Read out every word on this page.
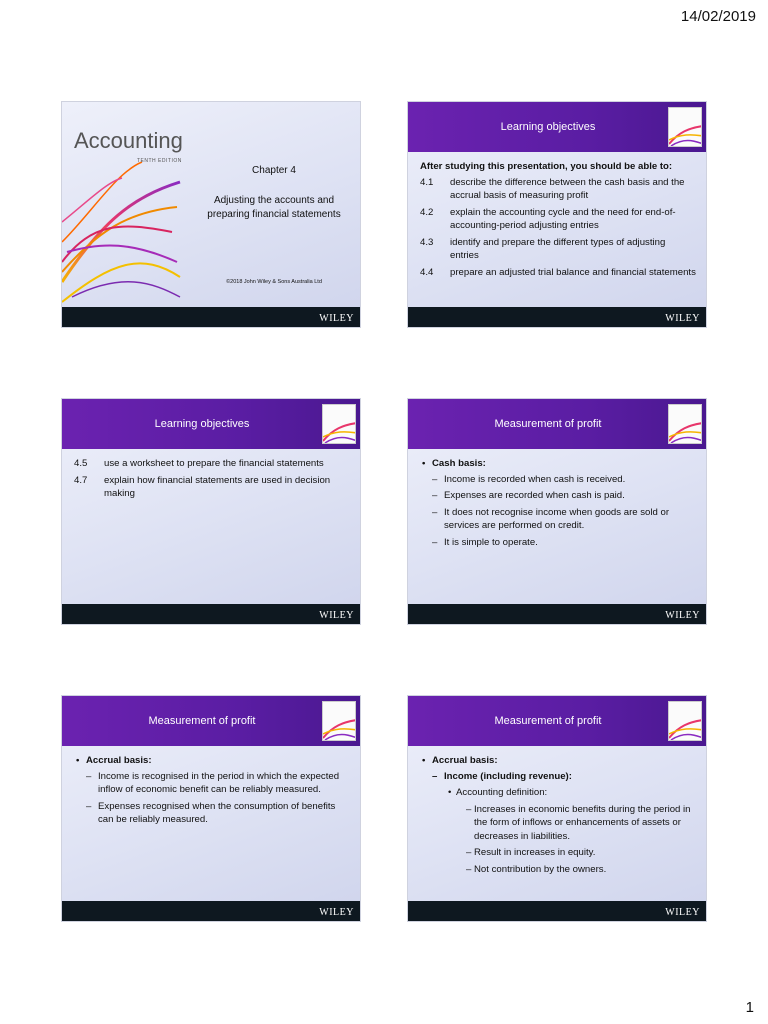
14/02/2019
Accounting
TENTH EDITION
Chapter 4
Adjusting the accounts and preparing financial statements
©2018 John Wiley & Sons Australia Ltd
WILEY
Learning objectives
After studying this presentation, you should be able to:
4.1	describe the difference between the cash basis and the accrual basis of measuring profit
4.2	explain the accounting cycle and the need for end-of-accounting-period adjusting entries
4.3	identify and prepare the different types of adjusting entries
4.4	prepare an adjusted trial balance and financial statements
WILEY
Learning objectives
4.5	use a worksheet to prepare the financial statements
4.7	explain how financial statements are used in decision making
WILEY
Measurement of profit
• Cash basis:
– Income is recorded when cash is received.
– Expenses are recorded when cash is paid.
– It does not recognise income when goods are sold or services are performed on credit.
– It is simple to operate.
WILEY
Measurement of profit
• Accrual basis:
– Income is recognised in the period in which the expected inflow of economic benefit can be reliably measured.
– Expenses recognised when the consumption of benefits can be reliably measured.
WILEY
Measurement of profit
• Accrual basis:
– Income (including revenue):
• Accounting definition:
– Increases in economic benefits during the period in the form of inflows or enhancements of assets or decreases in liabilities.
– Result in increases in equity.
– Not contribution by the owners.
WILEY
1
